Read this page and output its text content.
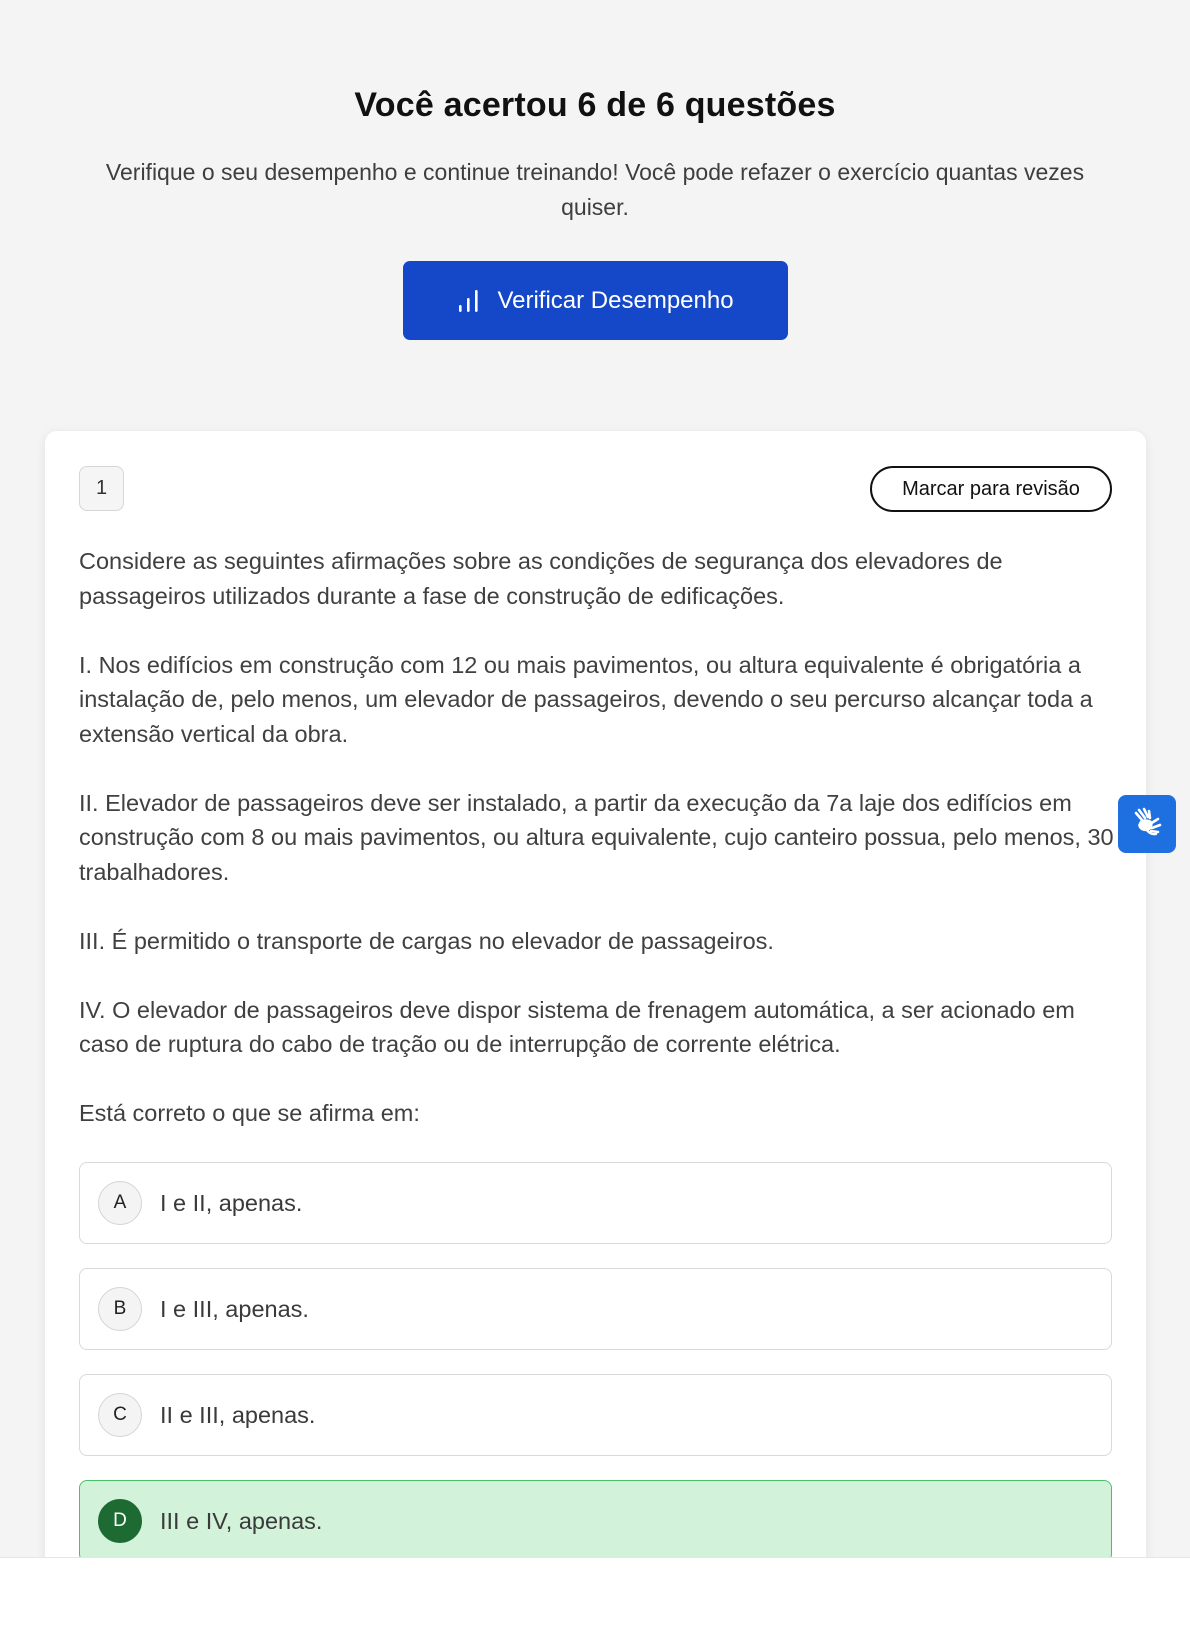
Você acertou 6 de 6 questões

Verifique o seu desempenho e continue treinando! Você pode refazer o exercício quantas vezes quiser.

Verificar Desempenho
1	Marcar para revisão

Considere as seguintes afirmações sobre as condições de segurança dos elevadores de passageiros utilizados durante a fase de construção de edificações.

I. Nos edifícios em construção com 12 ou mais pavimentos, ou altura equivalente é obrigatória a instalação de, pelo menos, um elevador de passageiros, devendo o seu percurso alcançar toda a extensão vertical da obra.

II. Elevador de passageiros deve ser instalado, a partir da execução da 7a laje dos edifícios em construção com 8 ou mais pavimentos, ou altura equivalente, cujo canteiro possua, pelo menos, 30 trabalhadores.

III. É permitido o transporte de cargas no elevador de passageiros.

IV. O elevador de passageiros deve dispor sistema de frenagem automática, a ser acionado em caso de ruptura do cabo de tração ou de interrupção de corrente elétrica.

Está correto o que se afirma em:

A	I e II, apenas.
B	I e III, apenas.
C	II e III, apenas.
D	III e IV, apenas.
